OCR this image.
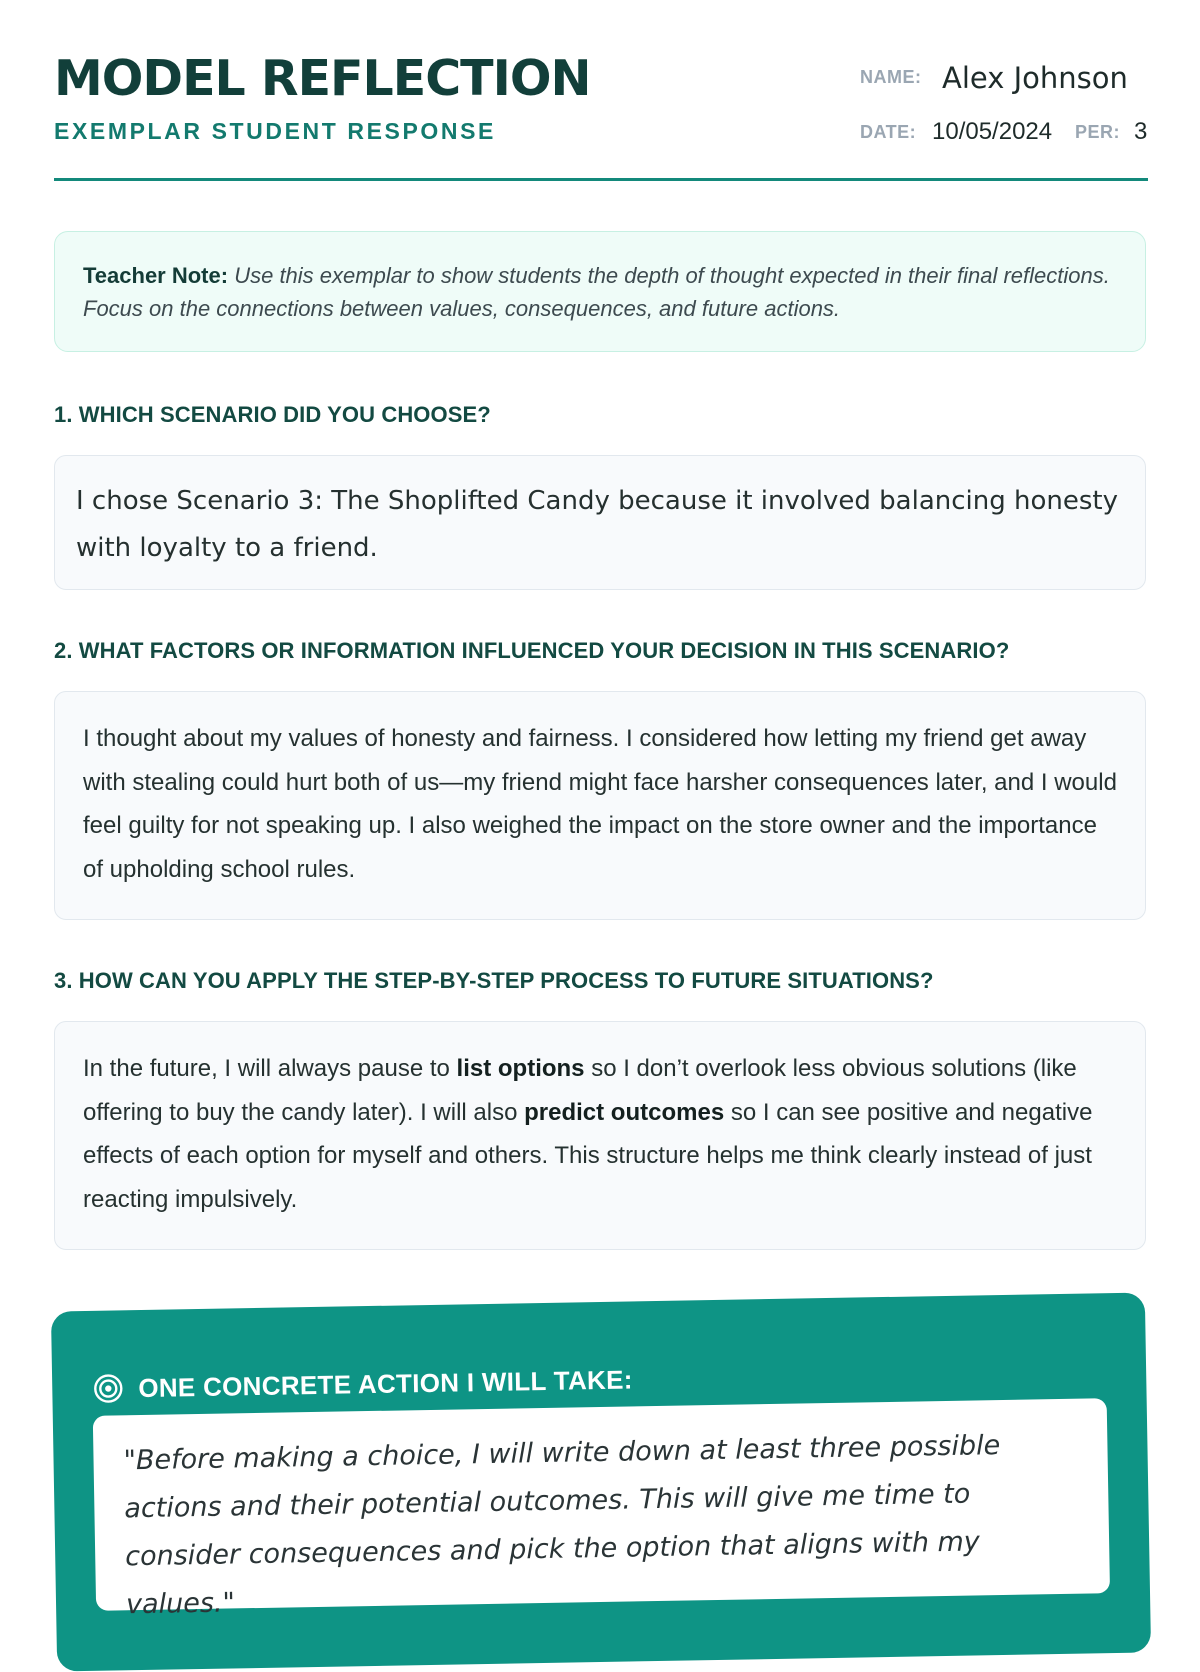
MODEL REFLECTION
EXEMPLAR STUDENT RESPONSE
NAME: Alex Johnson
DATE: 10/05/2024 PER: 3
Teacher Note: Use this exemplar to show students the depth of thought expected in their final reflections. Focus on the connections between values, consequences, and future actions.
1. WHICH SCENARIO DID YOU CHOOSE?
I chose Scenario 3: The Shoplifted Candy because it involved balancing honesty with loyalty to a friend.
2. WHAT FACTORS OR INFORMATION INFLUENCED YOUR DECISION IN THIS SCENARIO?
I thought about my values of honesty and fairness. I considered how letting my friend get away with stealing could hurt both of us—my friend might face harsher consequences later, and I would feel guilty for not speaking up. I also weighed the impact on the store owner and the importance of upholding school rules.
3. HOW CAN YOU APPLY THE STEP-BY-STEP PROCESS TO FUTURE SITUATIONS?
In the future, I will always pause to list options so I don’t overlook less obvious solutions (like offering to buy the candy later). I will also predict outcomes so I can see positive and negative effects of each option for myself and others. This structure helps me think clearly instead of just reacting impulsively.
ONE CONCRETE ACTION I WILL TAKE:
"Before making a choice, I will write down at least three possible actions and their potential outcomes. This will give me time to consider consequences and pick the option that aligns with my values."
